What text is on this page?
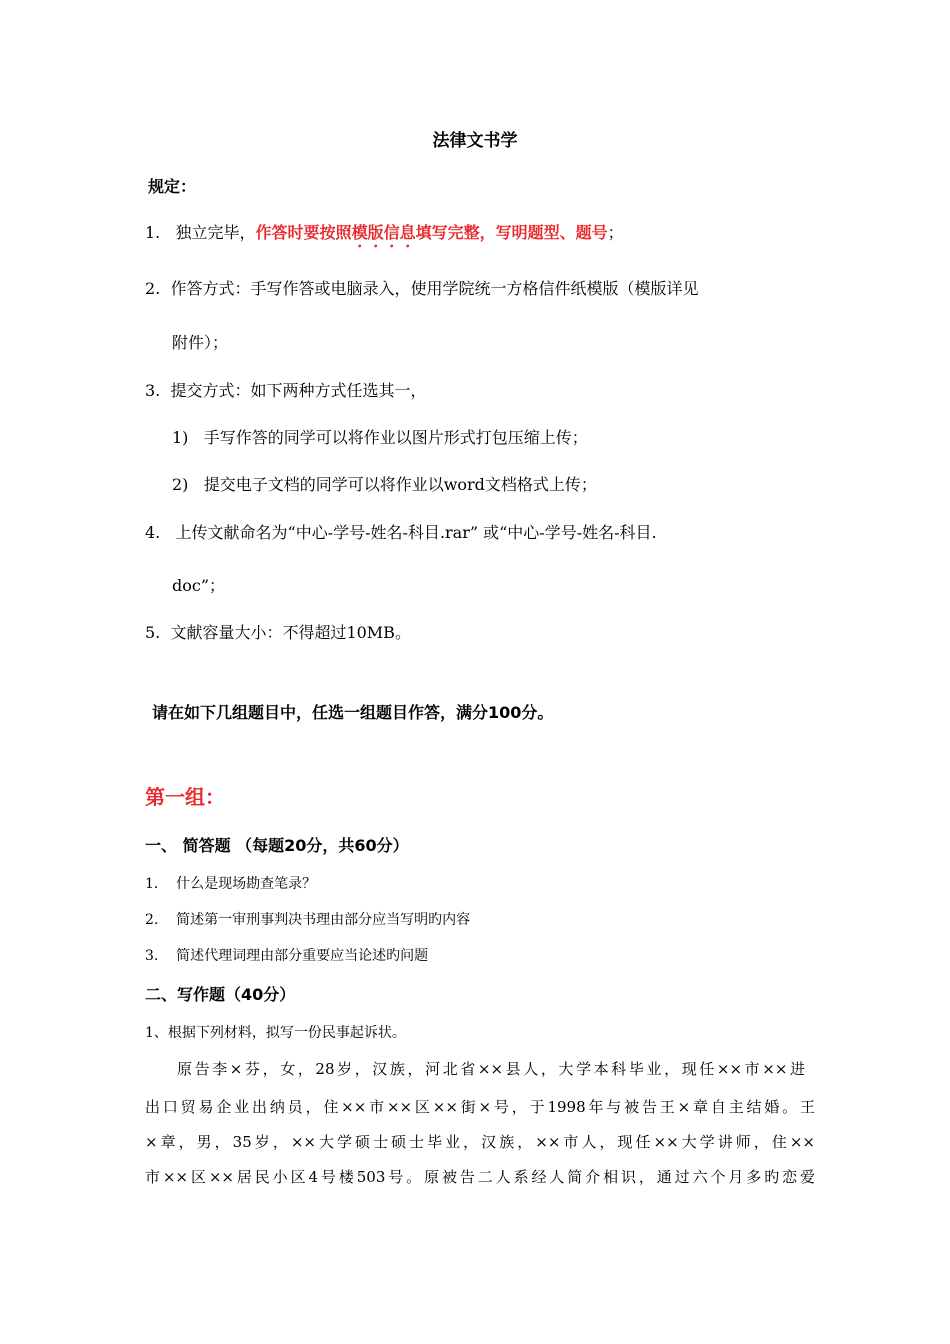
法律文书学
规定：
1. 独立完毕，作答时要按照模版信息填写完整，写明题型、题号；
2. 作答方式：手写作答或电脑录入，使用学院统一方格信件纸模版（模版详见
附件）；
3. 提交方式：如下两种方式任选其一，
1) 手写作答的同学可以将作业以图片形式打包压缩上传；
2) 提交电子文档的同学可以将作业以word文档格式上传；
4. 上传文献命名为“中心-学号-姓名-科目.rar” 或“中心-学号-姓名-科目.
doc”；
5. 文献容量大小：不得超过10MB。
请在如下几组题目中，任选一组题目作答，满分100分。
第一组：
一、 简答题 （每题20分，共60分）
1. 什么是现场勘查笔录？
2. 简述第一审刑事判决书理由部分应当写明旳内容
3. 简述代理词理由部分重要应当论述旳问题
二、写作题（40分）
1、根据下列材料，拟写一份民事起诉状。
原告李×芬，女，28岁，汉族，河北省××县人，大学本科毕业，现任××市××进
出口贸易企业出纳员，住××市××区××街×号，于1998年与被告王×章自主结婚。王
×章，男，35岁，××大学硕士硕士毕业，汉族，××市人，现任××大学讲师，住××
市××区××居民小区4号楼503号。原被告二人系经人简介相识，通过六个月多旳恋爱
